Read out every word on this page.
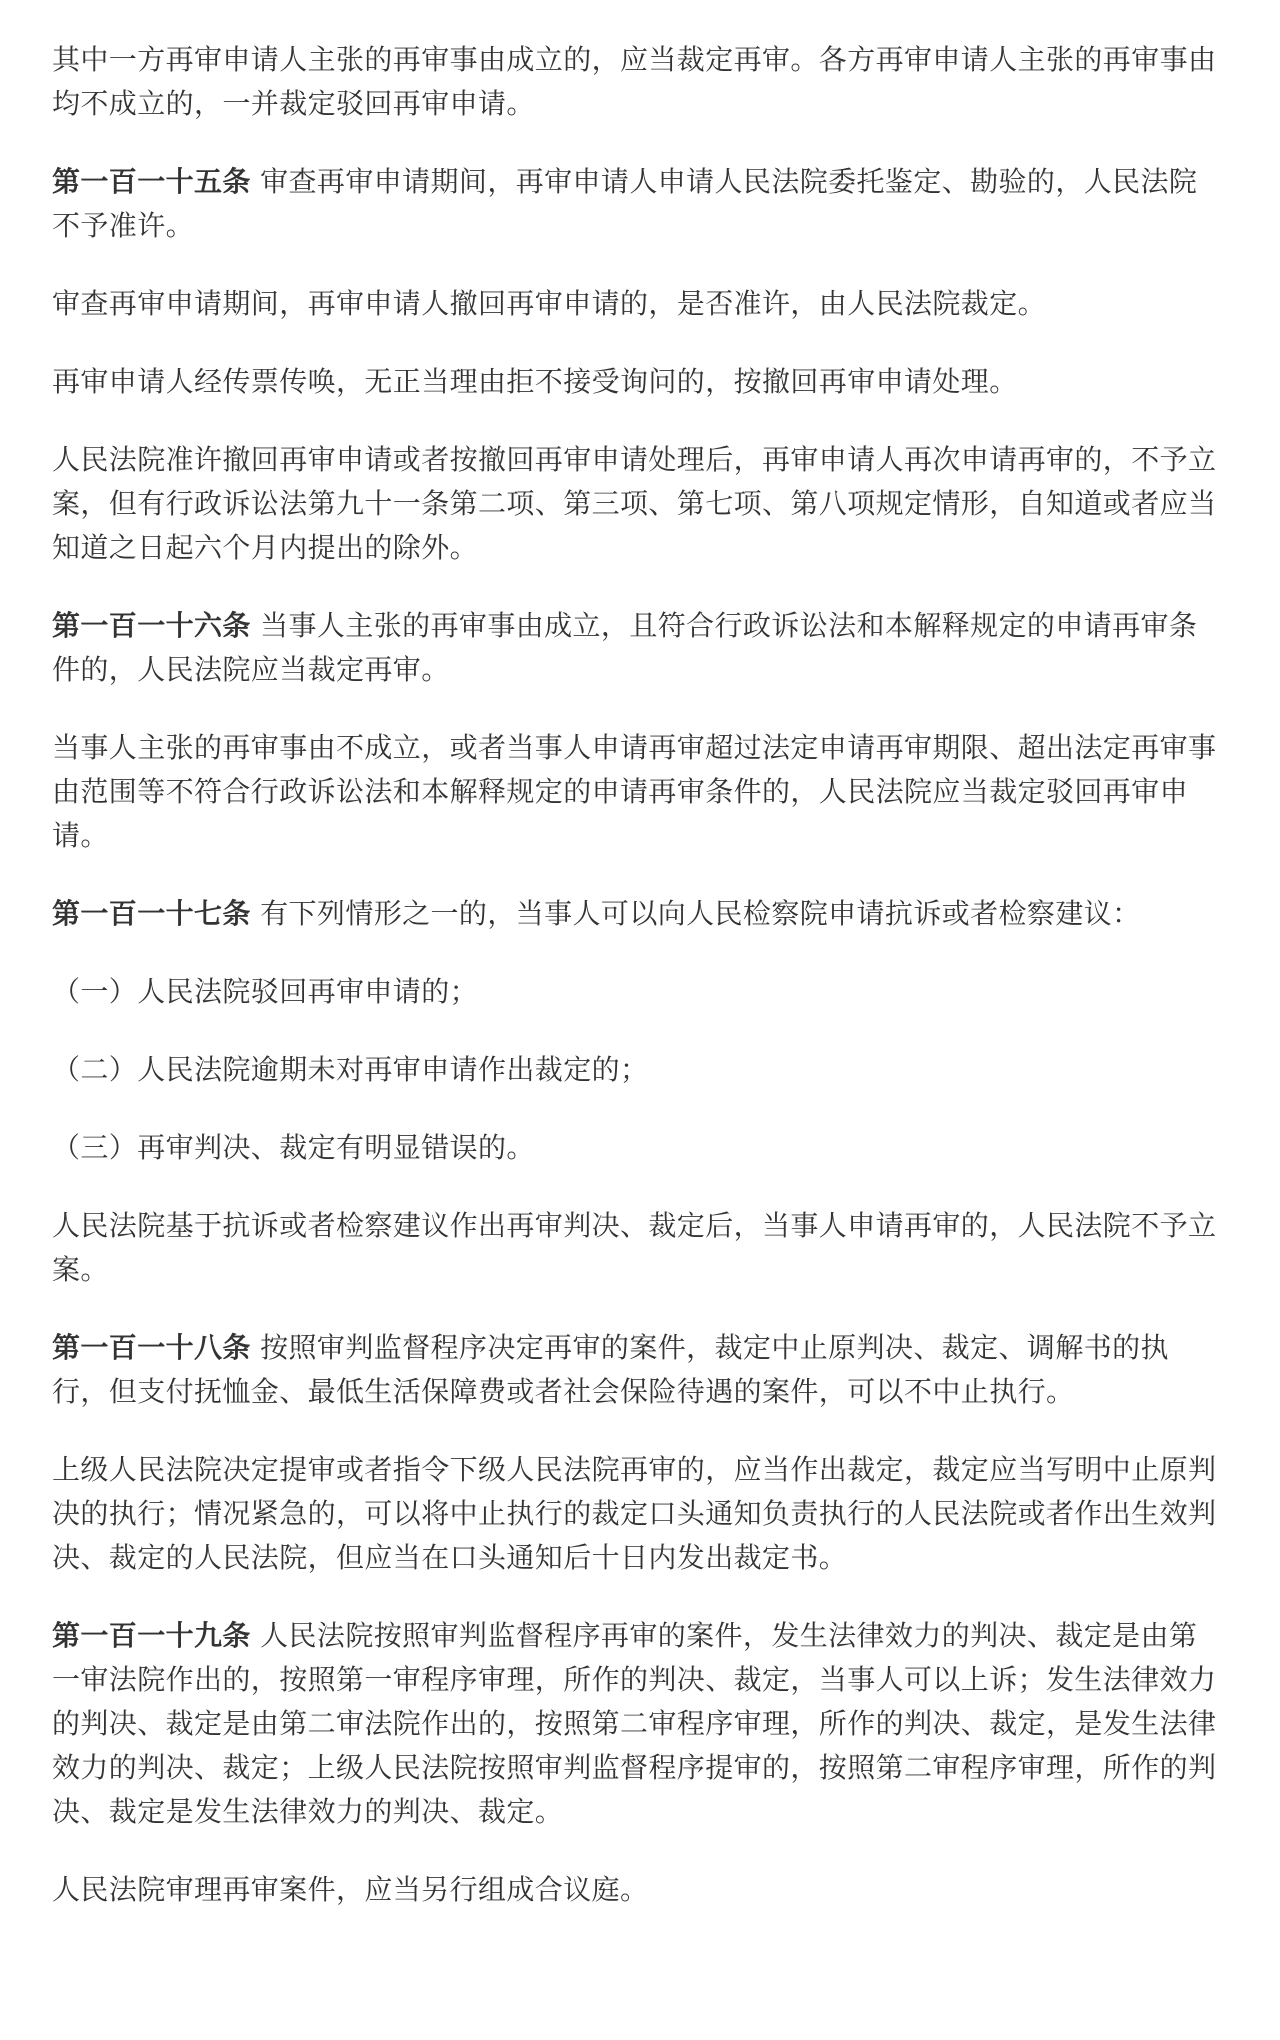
其中一方再审申请人主张的再审事由成立的，应当裁定再审。各方再审申请人主张的再审事由均不成立的，一并裁定驳回再审申请。

第一百一十五条 审查再审申请期间，再审申请人申请人民法院委托鉴定、勘验的，人民法院不予准许。

审查再审申请期间，再审申请人撤回再审申请的，是否准许，由人民法院裁定。

再审申请人经传票传唤，无正当理由拒不接受询问的，按撤回再审申请处理。

人民法院准许撤回再审申请或者按撤回再审申请处理后，再审申请人再次申请再审的，不予立案，但有行政诉讼法第九十一条第二项、第三项、第七项、第八项规定情形，自知道或者应当知道之日起六个月内提出的除外。

第一百一十六条 当事人主张的再审事由成立，且符合行政诉讼法和本解释规定的申请再审条件的，人民法院应当裁定再审。

当事人主张的再审事由不成立，或者当事人申请再审超过法定申请再审期限、超出法定再审事由范围等不符合行政诉讼法和本解释规定的申请再审条件的，人民法院应当裁定驳回再审申请。

第一百一十七条 有下列情形之一的，当事人可以向人民检察院申请抗诉或者检察建议：

（一）人民法院驳回再审申请的；

（二）人民法院逾期未对再审申请作出裁定的；

（三）再审判决、裁定有明显错误的。

人民法院基于抗诉或者检察建议作出再审判决、裁定后，当事人申请再审的，人民法院不予立案。

第一百一十八条 按照审判监督程序决定再审的案件，裁定中止原判决、裁定、调解书的执行，但支付抚恤金、最低生活保障费或者社会保险待遇的案件，可以不中止执行。

上级人民法院决定提审或者指令下级人民法院再审的，应当作出裁定，裁定应当写明中止原判决的执行；情况紧急的，可以将中止执行的裁定口头通知负责执行的人民法院或者作出生效判决、裁定的人民法院，但应当在口头通知后十日内发出裁定书。

第一百一十九条 人民法院按照审判监督程序再审的案件，发生法律效力的判决、裁定是由第一审法院作出的，按照第一审程序审理，所作的判决、裁定，当事人可以上诉；发生法律效力的判决、裁定是由第二审法院作出的，按照第二审程序审理，所作的判决、裁定，是发生法律效力的判决、裁定；上级人民法院按照审判监督程序提审的，按照第二审程序审理，所作的判决、裁定是发生法律效力的判决、裁定。

人民法院审理再审案件，应当另行组成合议庭。
